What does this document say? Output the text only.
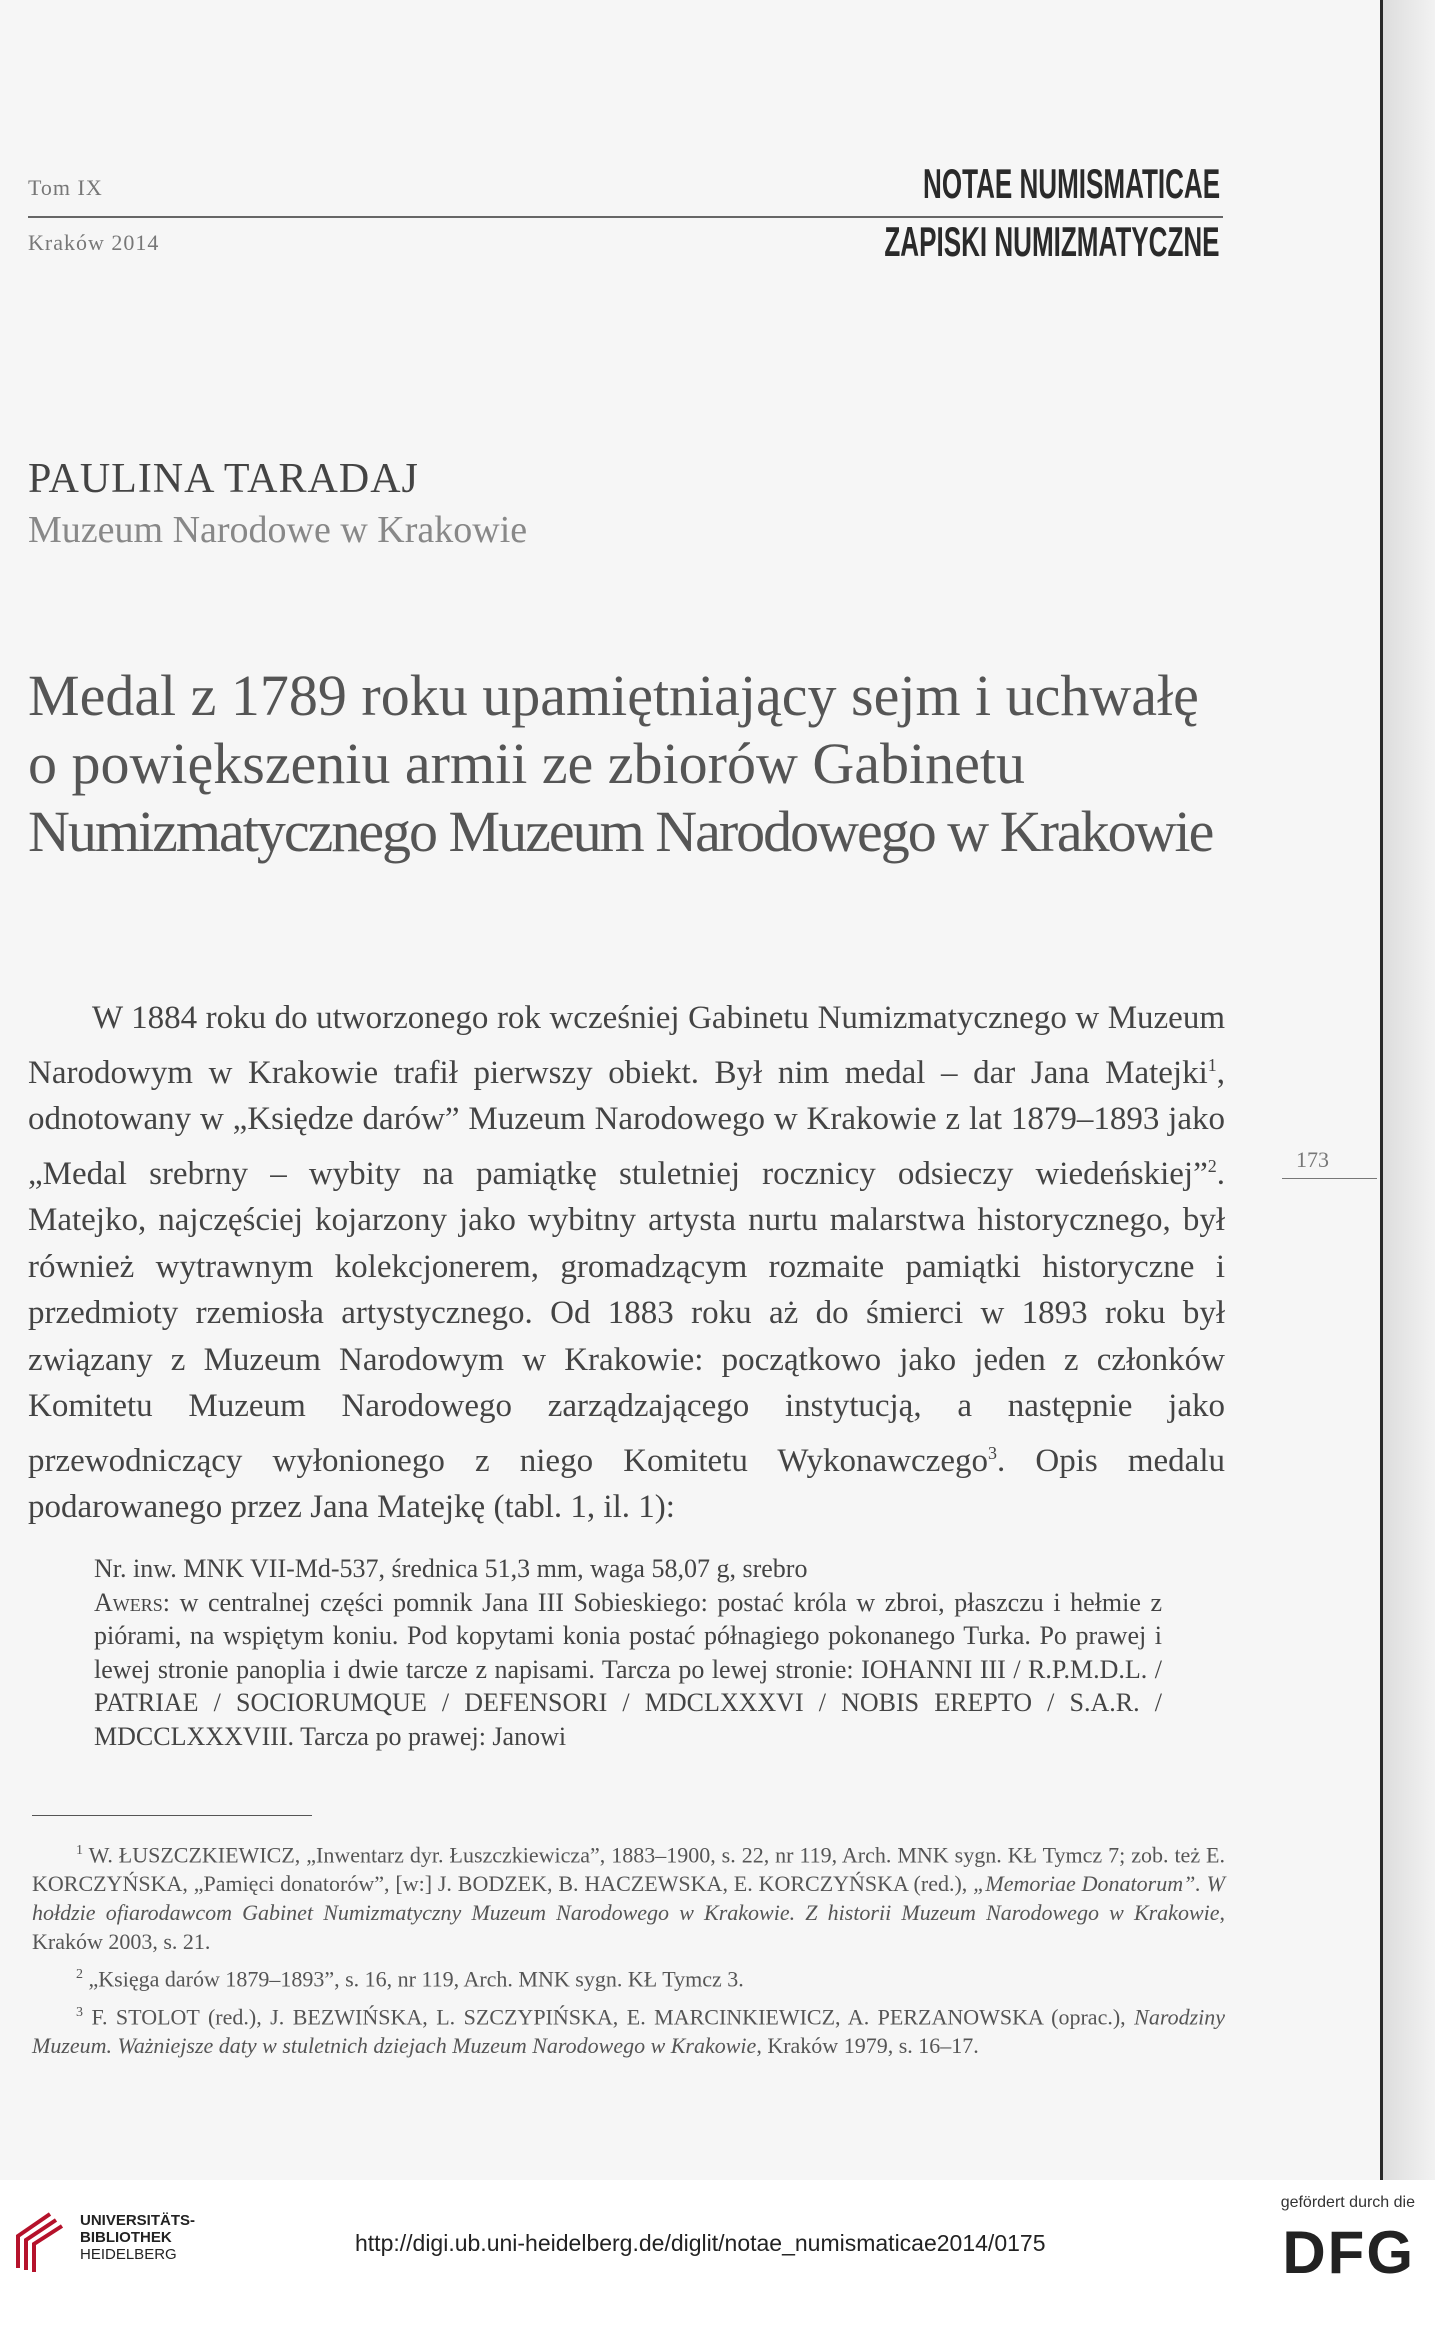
Tom IX
Kraków 2014
NOTAE NUMISMATICAE
ZAPISKI NUMIZMATYCZNE
PAULINA TARADAJ
Muzeum Narodowe w Krakowie
Medal z 1789 roku upamiętniający sejm i uchwałę
o powiększeniu armii ze zbiorów Gabinetu
Numizmatycznego Muzeum Narodowego w Krakowie
173

W 1884 roku do utworzonego rok wcześniej Gabinetu Numizmatycznego w Muzeum Narodowym w Krakowie trafił pierwszy obiekt. Był nim medal – dar Jana Matejki$^1$, odnotowany w „Księdze darów” Muzeum Narodowego w Krakowie z lat 1879–1893 jako „Medal srebrny – wybity na pamiątkę stuletniej rocznicy odsieczy wiedeńskiej”$^2$. Matejko, najczęściej kojarzony jako wybitny artysta nurtu malarstwa historycznego, był również wytrawnym kolekcjonerem, gromadzącym rozmaite pamiątki historyczne i przedmioty rzemiosła artystycznego. Od 1883 roku aż do śmierci w 1893 roku był związany z Muzeum Narodowym w Krakowie: początkowo jako jeden z członków Komitetu Muzeum Narodowego zarządzającego instytucją, a następnie jako przewodniczący wyłonionego z niego Komitetu Wykonawczego$^3$. Opis medalu podarowanego przez Jana Matejkę (tabl. 1, il. 1):

Nr. inw. MNK VII-Md-537, średnica 51,3 mm, waga 58,07 g, srebro

Awers: w centralnej części pomnik Jana III Sobieskiego: postać króla w zbroi, płaszczu i hełmie z piórami, na wspiętym koniu. Pod kopytami konia postać półnagiego pokonanego Turka. Po prawej i lewej stronie panoplia i dwie tarcze z napisami. Tarcza po lewej stronie: IOHANNI III / R.P.M.D.L. / PATRIAE / SOCIORUMQUE / DEFENSORI / MDCLXXXVI / NOBIS EREPTO / S.A.R. / MDCCLXXXVIII. Tarcza po prawej: Janowi

$^1$ W. ŁUSZCZKIEWICZ, „Inwentarz dyr. Łuszczkiewicza”, 1883–1900, s. 22, nr 119, Arch. MNK sygn. KŁ Tymcz 7; zob. też E. KORCZYŃSKA, „Pamięci donatorów”, [w:] J. BODZEK, B. HACZEWSKA, E. KORCZYŃSKA (red.), „Memoriae Donatorum”. W hołdzie ofiarodawcom Gabinet Numizmatyczny Muzeum Narodowego w Krakowie. Z historii Muzeum Narodowego w Krakowie, Kraków 2003, s. 21.

$^2$ „Księga darów 1879–1893”, s. 16, nr 119, Arch. MNK sygn. KŁ Tymcz 3.

$^3$ F. STOLOT (red.), J. BEZWIŃSKA, L. SZCZYPIŃSKA, E. MARCINKIEWICZ, A. PERZANOWSKA (oprac.), Narodziny Muzeum. Ważniejsze daty w stuletnich dziejach Muzeum Narodowego w Krakowie, Kraków 1979, s. 16–17.

UNIVERSITÄTS-
BIBLIOTHEK
HEIDELBERG	http://digi.ub.uni-heidelberg.de/diglit/notae_numismaticae2014/0175
gefördert durch die
DFG
